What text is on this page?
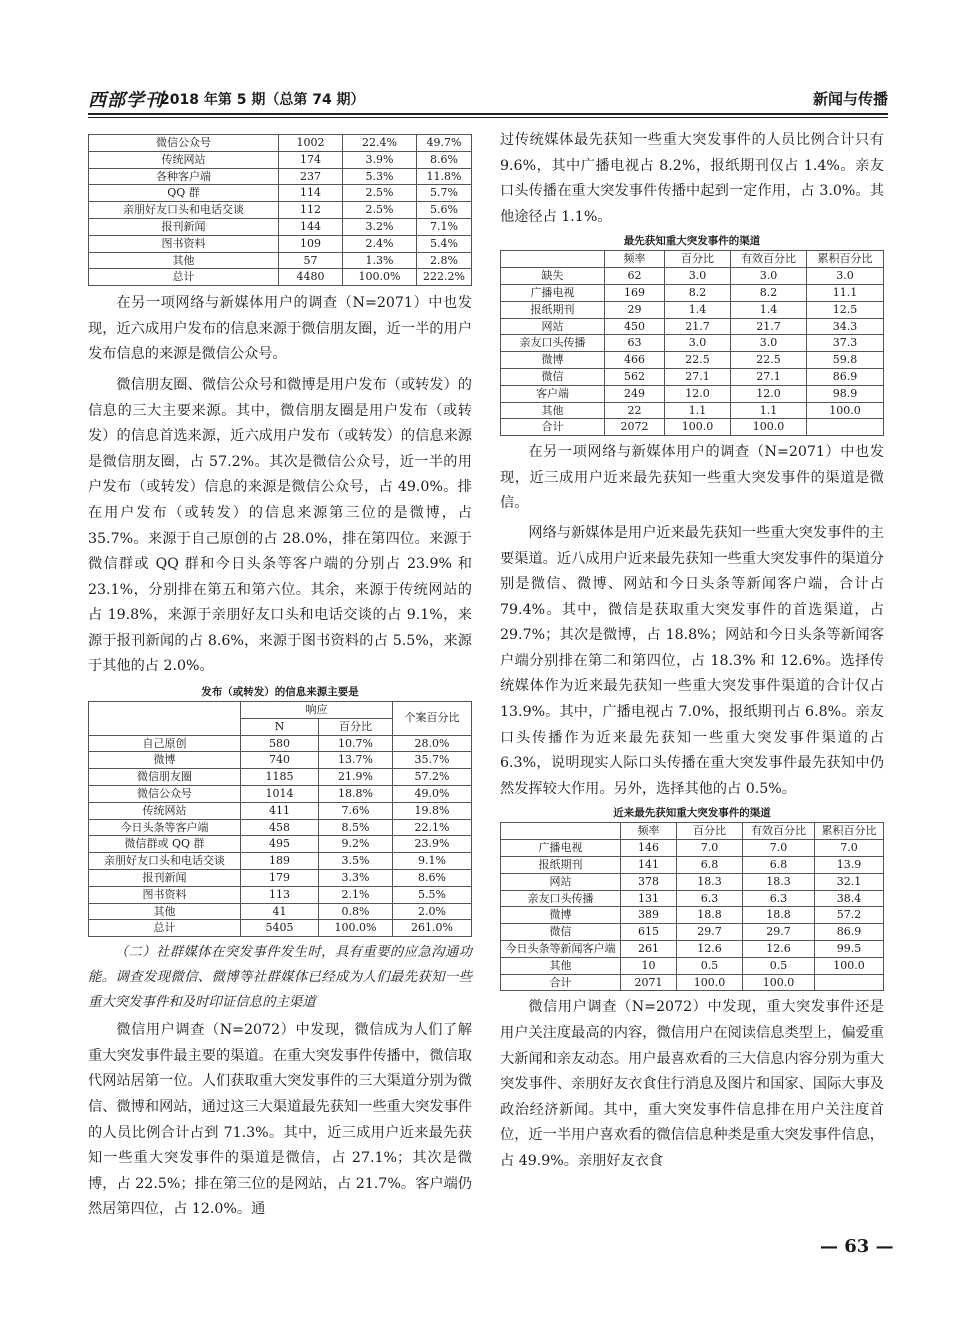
西部学刊
2018 年第 5 期（总第 74 期）	新闻与传播
微信公众号	1002	22.4%	49.7%
传统网站	174	3.9%	8.6%
各种客户端	237	5.3%	11.8%
QQ 群	114	2.5%	5.7%
亲朋好友口头和电话交谈	112	2.5%	5.6%
报刊新闻	144	3.2%	7.1%
图书资料	109	2.4%	5.4%
其他	57	1.3%	2.8%
总计	4480	100.0%	222.2%

在另一项网络与新媒体用户的调查（N=2071）中也发现，近六成用户发布的信息来源于微信朋友圈，近一半的用户发布信息的来源是微信公众号。

微信朋友圈、微信公众号和微博是用户发布（或转发）的信息的三大主要来源。其中，微信朋友圈是用户发布（或转发）的信息首选来源，近六成用户发布（或转发）的信息来源是微信朋友圈，占 57.2%。其次是微信公众号，近一半的用户发布（或转发）信息的来源是微信公众号，占 49.0%。排在用户发布（或转发）的信息来源第三位的是微博，占 35.7%。来源于自己原创的占 28.0%，排在第四位。来源于微信群或 QQ 群和今日头条等客户端的分别占 23.9% 和 23.1%，分别排在第五和第六位。其余，来源于传统网站的占 19.8%，来源于亲朋好友口头和电话交谈的占 9.1%，来源于报刊新闻的占 8.6%，来源于图书资料的占 5.5%，来源于其他的占 2.0%。

发布（或转发）的信息来源主要是
	响应		个案百分比
	N	百分比	
自己原创	580	10.7%	28.0%
微博	740	13.7%	35.7%
微信朋友圈	1185	21.9%	57.2%
微信公众号	1014	18.8%	49.0%
传统网站	411	7.6%	19.8%
今日头条等客户端	458	8.5%	22.1%
微信群或 QQ 群	495	9.2%	23.9%
亲朋好友口头和电话交谈	189	3.5%	9.1%
报刊新闻	179	3.3%	8.6%
图书资料	113	2.1%	5.5%
其他	41	0.8%	2.0%
总计	5405	100.0%	261.0%

（二）社群媒体在突发事件发生时，具有重要的应急沟通功能。调查发现微信、微博等社群媒体已经成为人们最先获知一些重大突发事件和及时印证信息的主渠道

微信用户调查（N=2072）中发现，微信成为人们了解重大突发事件最主要的渠道。在重大突发事件传播中，微信取代网站居第一位。人们获取重大突发事件的三大渠道分别为微信、微博和网站，通过这三大渠道最先获知一些重大突发事件的人员比例合计占到 71.3%。其中，近三成用户近来最先获知一些重大突发事件的渠道是微信，占 27.1%；其次是微博，占 22.5%；排在第三位的是网站，占 21.7%。客户端仍然居第四位，占 12.0%。通

过传统媒体最先获知一些重大突发事件的人员比例合计只有 9.6%，其中广播电视占 8.2%，报纸期刊仅占 1.4%。亲友口头传播在重大突发事件传播中起到一定作用，占 3.0%。其他途径占 1.1%。

最先获知重大突发事件的渠道
	频率	百分比	有效百分比	累积百分比
缺失	62	3.0	3.0	3.0
广播电视	169	8.2	8.2	11.1
报纸期刊	29	1.4	1.4	12.5
网站	450	21.7	21.7	34.3
亲友口头传播	63	3.0	3.0	37.3
微博	466	22.5	22.5	59.8
微信	562	27.1	27.1	86.9
客户端	249	12.0	12.0	98.9
其他	22	1.1	1.1	100.0
合计	2072	100.0	100.0	

在另一项网络与新媒体用户的调查（N=2071）中也发现，近三成用户近来最先获知一些重大突发事件的渠道是微信。

网络与新媒体是用户近来最先获知一些重大突发事件的主要渠道。近八成用户近来最先获知一些重大突发事件的渠道分别是微信、微博、网站和今日头条等新闻客户端，合计占 79.4%。其中，微信是获取重大突发事件的首选渠道，占 29.7%；其次是微博，占 18.8%；网站和今日头条等新闻客户端分别排在第二和第四位，占 18.3% 和 12.6%。选择传统媒体作为近来最先获知一些重大突发事件渠道的合计仅占 13.9%。其中，广播电视占 7.0%，报纸期刊占 6.8%。亲友口头传播作为近来最先获知一些重大突发事件渠道的占 6.3%，说明现实人际口头传播在重大突发事件最先获知中仍然发挥较大作用。另外，选择其他的占 0.5%。

近来最先获知重大突发事件的渠道
	频率	百分比	有效百分比	累积百分比
广播电视	146	7.0	7.0	7.0
报纸期刊	141	6.8	6.8	13.9
网站	378	18.3	18.3	32.1
亲友口头传播	131	6.3	6.3	38.4
微博	389	18.8	18.8	57.2
微信	615	29.7	29.7	86.9
今日头条等新闻客户端	261	12.6	12.6	99.5
其他	10	0.5	0.5	100.0
合计	2071	100.0	100.0	

微信用户调查（N=2072）中发现，重大突发事件还是用户关注度最高的内容，微信用户在阅读信息类型上，偏爱重大新闻和亲友动态。用户最喜欢看的三大信息内容分别为重大突发事件、亲朋好友衣食住行消息及图片和国家、国际大事及政治经济新闻。其中，重大突发事件信息排在用户关注度首位，近一半用户喜欢看的微信信息种类是重大突发事件信息，占 49.9%。亲朋好友衣食

— 63 —
